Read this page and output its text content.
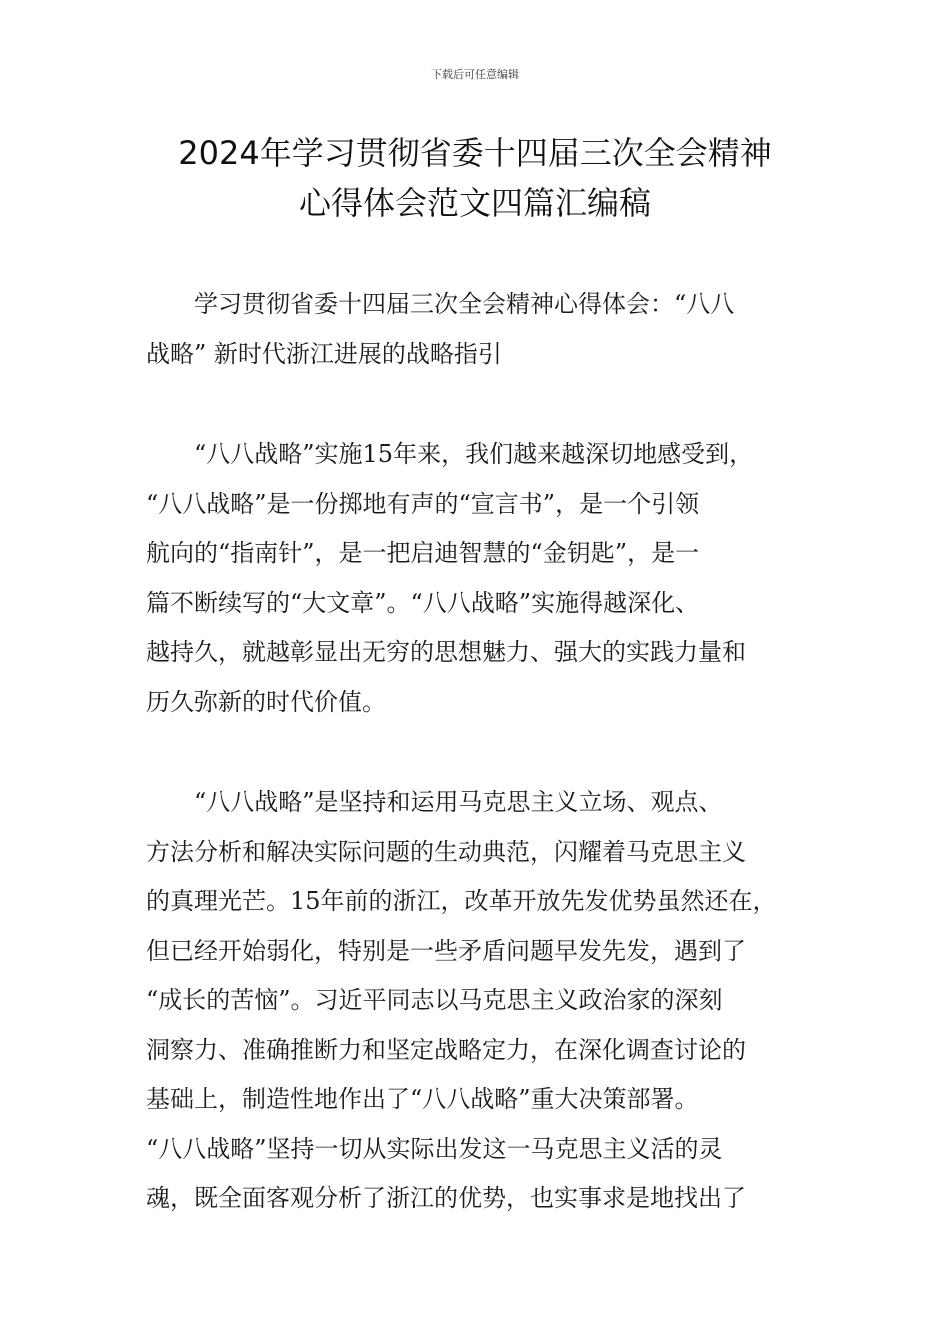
下载后可任意编辑
2024年学习贯彻省委十四届三次全会精神
心得体会范文四篇汇编稿
学习贯彻省委十四届三次全会精神心得体会：“八八
战略” 新时代浙江进展的战略指引
“八八战略”实施15年来，我们越来越深切地感受到，
“八八战略”是一份掷地有声的“宣言书”，是一个引领
航向的“指南针”，是一把启迪智慧的“金钥匙”，是一
篇不断续写的“大文章”。“八八战略”实施得越深化、
越持久，就越彰显出无穷的思想魅力、强大的实践力量和
历久弥新的时代价值。
“八八战略”是坚持和运用马克思主义立场、观点、
方法分析和解决实际问题的生动典范，闪耀着马克思主义
的真理光芒。15年前的浙江，改革开放先发优势虽然还在，
但已经开始弱化，特别是一些矛盾问题早发先发，遇到了
“成长的苦恼”。习近平同志以马克思主义政治家的深刻
洞察力、准确推断力和坚定战略定力，在深化调查讨论的
基础上，制造性地作出了“八八战略”重大决策部署。
“八八战略”坚持一切从实际出发这一马克思主义活的灵
魂，既全面客观分析了浙江的优势，也实事求是地找出了
